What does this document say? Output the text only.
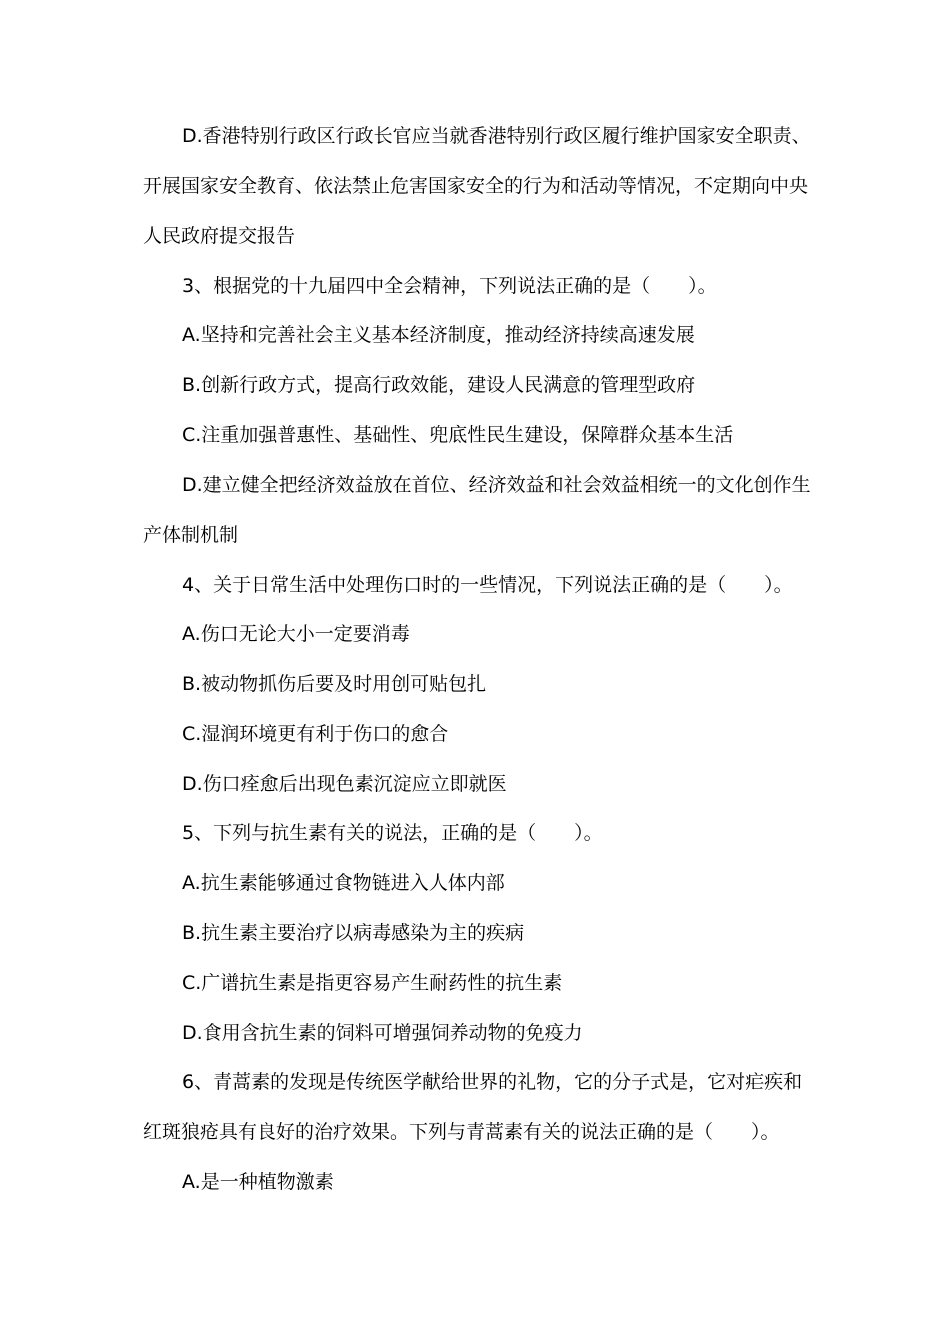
D.香港特别行政区行政长官应当就香港特别行政区履行维护国家安全职责、
开展国家安全教育、依法禁止危害国家安全的行为和活动等情况，不定期向中央
人民政府提交报告
3、根据党的十九届四中全会精神，下列说法正确的是（　　）。
A.坚持和完善社会主义基本经济制度，推动经济持续高速发展
B.创新行政方式，提高行政效能，建设人民满意的管理型政府
C.注重加强普惠性、基础性、兜底性民生建设，保障群众基本生活
D.建立健全把经济效益放在首位、经济效益和社会效益相统一的文化创作生
产体制机制
4、关于日常生活中处理伤口时的一些情况，下列说法正确的是（　　）。
A.伤口无论大小一定要消毒
B.被动物抓伤后要及时用创可贴包扎
C.湿润环境更有利于伤口的愈合
D.伤口痊愈后出现色素沉淀应立即就医
5、下列与抗生素有关的说法，正确的是（　　）。
A.抗生素能够通过食物链进入人体内部
B.抗生素主要治疗以病毒感染为主的疾病
C.广谱抗生素是指更容易产生耐药性的抗生素
D.食用含抗生素的饲料可增强饲养动物的免疫力
6、青蒿素的发现是传统医学献给世界的礼物，它的分子式是，它对疟疾和
红斑狼疮具有良好的治疗效果。下列与青蒿素有关的说法正确的是（　　）。
A.是一种植物激素
